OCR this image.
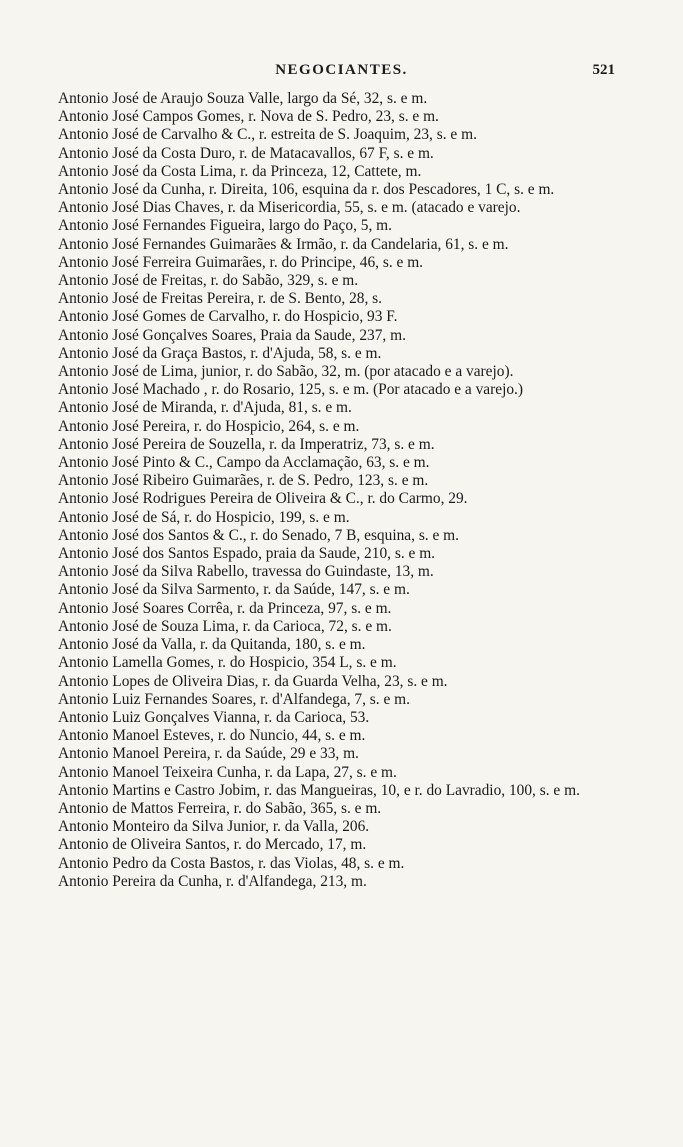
NEGOCIANTES.	521
Antonio José de Araujo Souza Valle, largo da Sé, 32, s. e m.
Antonio José Campos Gomes, r. Nova de S. Pedro, 23, s. e m.
Antonio José de Carvalho & C., r. estreita de S. Joaquim, 23, s. e m.
Antonio José da Costa Duro, r. de Matacavallos, 67 F, s. e m.
Antonio José da Costa Lima, r. da Princeza, 12, Cattete, m.
Antonio José da Cunha, r. Direita, 106, esquina da r. dos Pescadores, 1 C, s. e m.
Antonio José Dias Chaves, r. da Misericordia, 55, s. e m. (atacado e varejo.
Antonio José Fernandes Figueira, largo do Paço, 5, m.
Antonio José Fernandes Guimarães & Irmão, r. da Candelaria, 61, s. e m.
Antonio José Ferreira Guimarães, r. do Principe, 46, s. e m.
Antonio José de Freitas, r. do Sabão, 329, s. e m.
Antonio José de Freitas Pereira, r. de S. Bento, 28, s.
Antonio José Gomes de Carvalho, r. do Hospicio, 93 F.
Antonio José Gonçalves Soares, Praia da Saude, 237, m.
Antonio José da Graça Bastos, r. d'Ajuda, 58, s. e m.
Antonio José de Lima, junior, r. do Sabão, 32, m. (por atacado e a varejo).
Antonio José Machado , r. do Rosario, 125, s. e m. (Por atacado e a varejo.)
Antonio José de Miranda, r. d'Ajuda, 81, s. e m.
Antonio José Pereira, r. do Hospicio, 264, s. e m.
Antonio José Pereira de Souzella, r. da Imperatriz, 73, s. e m.
Antonio José Pinto & C., Campo da Acclamação, 63, s. e m.
Antonio José Ribeiro Guimarães, r. de S. Pedro, 123, s. e m.
Antonio José Rodrigues Pereira de Oliveira & C., r. do Carmo, 29.
Antonio José de Sá, r. do Hospicio, 199, s. e m.
Antonio José dos Santos & C., r. do Senado, 7 B, esquina, s. e m.
Antonio José dos Santos Espado, praia da Saude, 210, s. e m.
Antonio José da Silva Rabello, travessa do Guindaste, 13, m.
Antonio José da Silva Sarmento, r. da Saúde, 147, s. e m.
Antonio José Soares Corrêa, r. da Princeza, 97, s. e m.
Antonio José de Souza Lima, r. da Carioca, 72, s. e m.
Antonio José da Valla, r. da Quitanda, 180, s. e m.
Antonio Lamella Gomes, r. do Hospicio, 354 L, s. e m.
Antonio Lopes de Oliveira Dias, r. da Guarda Velha, 23, s. e m.
Antonio Luiz Fernandes Soares, r. d'Alfandega, 7, s. e m.
Antonio Luiz Gonçalves Vianna, r. da Carioca, 53.
Antonio Manoel Esteves, r. do Nuncio, 44, s. e m.
Antonio Manoel Pereira, r. da Saúde, 29 e 33, m.
Antonio Manoel Teixeira Cunha, r. da Lapa, 27, s. e m.
Antonio Martins e Castro Jobim, r. das Mangueiras, 10, e r. do Lavradio, 100, s. e m.
Antonio de Mattos Ferreira, r. do Sabão, 365, s. e m.
Antonio Monteiro da Silva Junior, r. da Valla, 206.
Antonio de Oliveira Santos, r. do Mercado, 17, m.
Antonio Pedro da Costa Bastos, r. das Violas, 48, s. e m.
Antonio Pereira da Cunha, r. d'Alfandega, 213, m.
